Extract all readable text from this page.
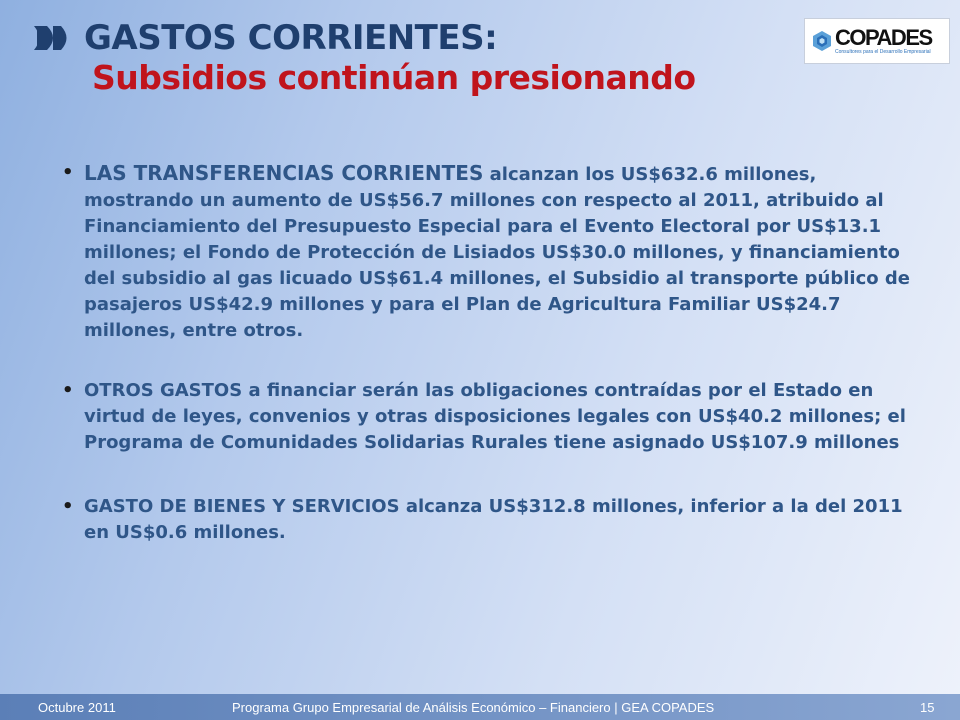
GASTOS CORRIENTES:
Subsidios continúan presionando
COPADES
Consultores para el Desarrollo Empresarial
• LAS TRANSFERENCIAS CORRIENTES alcanzan los US$632.6 millones, mostrando un aumento de US$56.7 millones con respecto al 2011, atribuido al Financiamiento del Presupuesto Especial para el Evento Electoral por US$13.1 millones; el Fondo de Protección de Lisiados US$30.0 millones, y financiamiento del subsidio al gas licuado US$61.4 millones, el Subsidio al transporte público de pasajeros US$42.9 millones y para el Plan de Agricultura Familiar US$24.7 millones, entre otros.
• OTROS GASTOS a financiar serán las obligaciones contraídas por el Estado en virtud de leyes, convenios y otras disposiciones legales con US$40.2 millones; el Programa de Comunidades Solidarias Rurales tiene asignado US$107.9 millones
• GASTO DE BIENES Y SERVICIOS alcanza US$312.8 millones, inferior a la del 2011 en US$0.6 millones.
Octubre 2011	Programa Grupo Empresarial de Análisis Económico – Financiero | GEA COPADES	15
